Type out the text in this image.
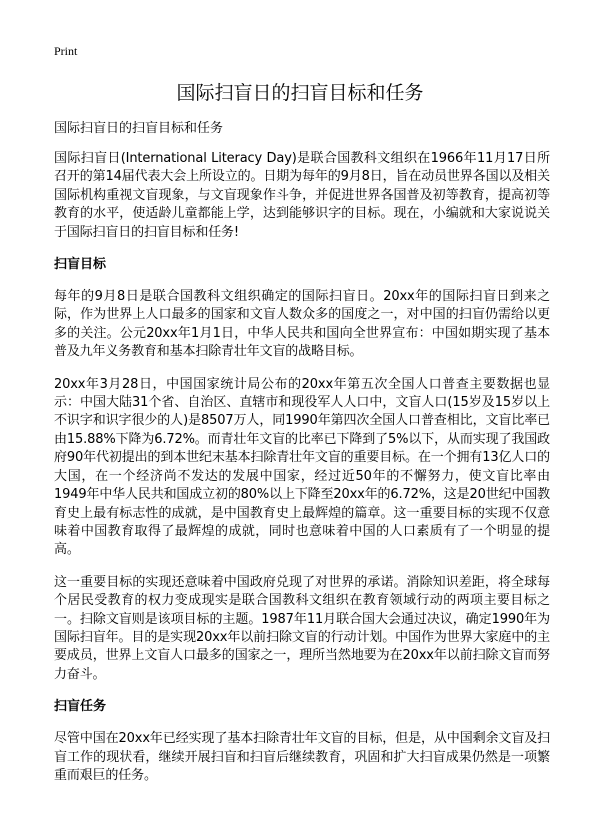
Print
国际扫盲日的扫盲目标和任务

国际扫盲日的扫盲目标和任务

国际扫盲日(International Literacy Day)是联合国教科文组织在1966年11月17日所召开的第14届代表大会上所设立的。日期为每年的9月8日，旨在动员世界各国以及相关国际机构重视文盲现象，与文盲现象作斗争，并促进世界各国普及初等教育，提高初等教育的水平，使适龄儿童都能上学，达到能够识字的目标。现在，小编就和大家说说关于国际扫盲日的扫盲目标和任务!

扫盲目标

每年的9月8日是联合国教科文组织确定的国际扫盲日。20xx年的国际扫盲日到来之际，作为世界上人口最多的国家和文盲人数众多的国度之一，对中国的扫盲仍需给以更多的关注。公元20xx年1月1日，中华人民共和国向全世界宣布：中国如期实现了基本普及九年义务教育和基本扫除青壮年文盲的战略目标。

20xx年3月28日，中国国家统计局公布的20xx年第五次全国人口普查主要数据也显示：中国大陆31个省、自治区、直辖市和现役军人人口中，文盲人口(15岁及15岁以上不识字和识字很少的人)是8507万人，同1990年第四次全国人口普查相比，文盲比率已由15.88%下降为6.72%。而青壮年文盲的比率已下降到了5%以下，从而实现了我国政府90年代初提出的到本世纪末基本扫除青壮年文盲的重要目标。在一个拥有13亿人口的大国，在一个经济尚不发达的发展中国家，经过近50年的不懈努力，使文盲比率由1949年中华人民共和国成立初的80%以上下降至20xx年的6.72%，这是20世纪中国教育史上最有标志性的成就，是中国教育史上最辉煌的篇章。这一重要目标的实现不仅意味着中国教育取得了最辉煌的成就，同时也意味着中国的人口素质有了一个明显的提高。

这一重要目标的实现还意味着中国政府兑现了对世界的承诺。消除知识差距，将全球每个居民受教育的权力变成现实是联合国教科文组织在教育领域行动的两项主要目标之一。扫除文盲则是该项目标的主题。1987年11月联合国大会通过决议，确定1990年为国际扫盲年。目的是实现20xx年以前扫除文盲的行动计划。中国作为世界大家庭中的主要成员，世界上文盲人口最多的国家之一，理所当然地要为在20xx年以前扫除文盲而努力奋斗。

扫盲任务

尽管中国在20xx年已经实现了基本扫除青壮年文盲的目标，但是，从中国剩余文盲及扫盲工作的现状看，继续开展扫盲和扫盲后继续教育，巩固和扩大扫盲成果仍然是一项繁重而艰巨的任务。
